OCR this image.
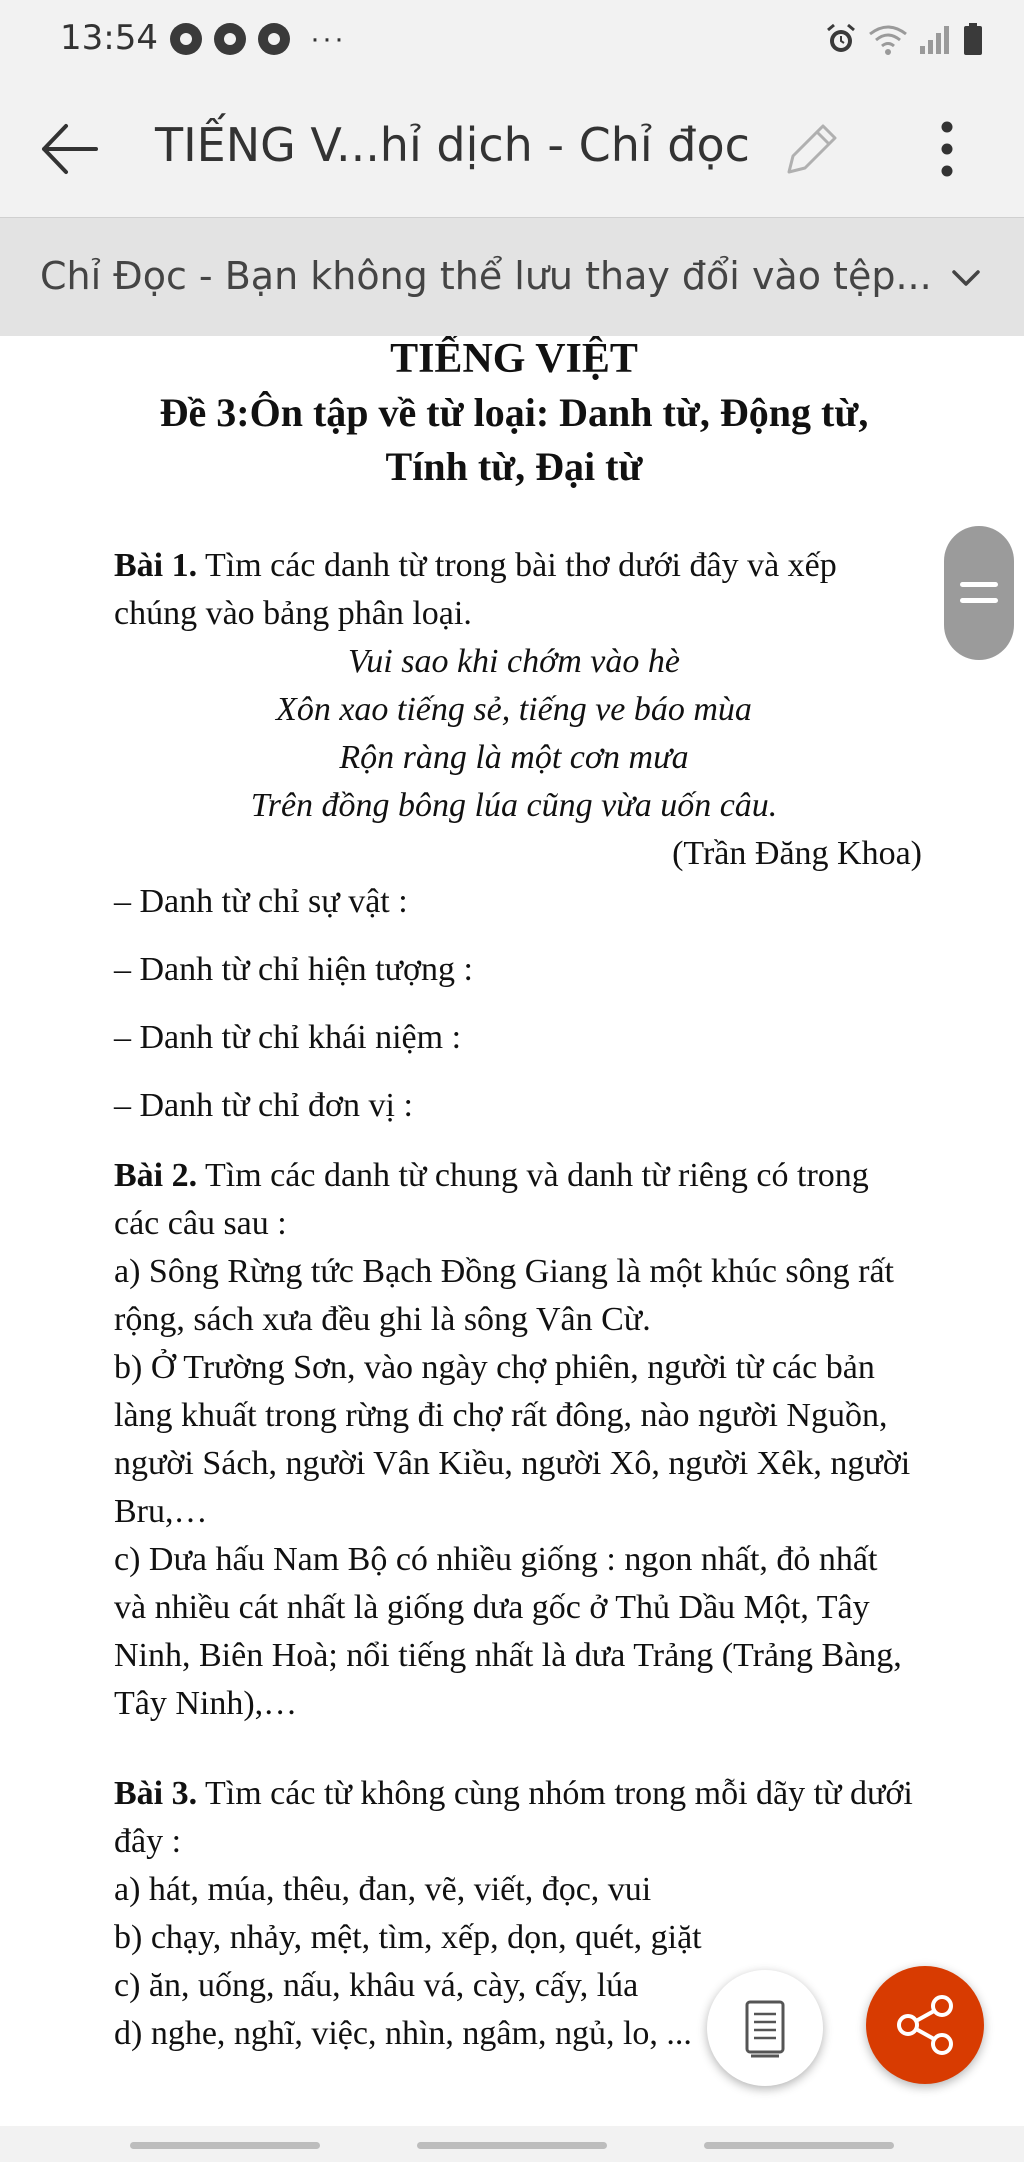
13:54	···
TIẾNG V...hỉ dịch - Chỉ đọc
Chỉ Đọc - Bạn không thể lưu thay đổi vào tệp...
TIẾNG VIỆT
Đề 3:Ôn tập về từ loại: Danh từ, Động từ,
Tính từ, Đại từ
Bài 1. Tìm các danh từ trong bài thơ dưới đây và xếp chúng vào bảng phân loại.
Vui sao khi chớm vào hè
Xôn xao tiếng sẻ, tiếng ve báo mùa
Rộn ràng là một cơn mưa
Trên đồng bông lúa cũng vừa uốn câu.
(Trần Đăng Khoa)
– Danh từ chỉ sự vật :
– Danh từ chỉ hiện tượng :
– Danh từ chỉ khái niệm :
– Danh từ chỉ đơn vị :
Bài 2. Tìm các danh từ chung và danh từ riêng có trong các câu sau :
a) Sông Rừng tức Bạch Đồng Giang là một khúc sông rất rộng, sách xưa đều ghi là sông Vân Cừ.
b) Ở Trường Sơn, vào ngày chợ phiên, người từ các bản làng khuất trong rừng đi chợ rất đông, nào người Nguồn, người Sách, người Vân Kiều, người Xô, người Xêk, người Bru,…
c) Dưa hấu Nam Bộ có nhiều giống : ngon nhất, đỏ nhất và nhiều cát nhất là giống dưa gốc ở Thủ Dầu Một, Tây Ninh, Biên Hoà; nổi tiếng nhất là dưa Trảng (Trảng Bàng, Tây Ninh),…
Bài 3. Tìm các từ không cùng nhóm trong mỗi dãy từ dưới đây :
a) hát, múa, thêu, đan, vẽ, viết, đọc, vui
b) chạy, nhảy, mệt, tìm, xếp, dọn, quét, giặt
c) ăn, uống, nấu, khâu vá, cày, cấy, lúa
d) nghe, nghĩ, việc, nhìn, ngâm, ngủ, lo, ...
